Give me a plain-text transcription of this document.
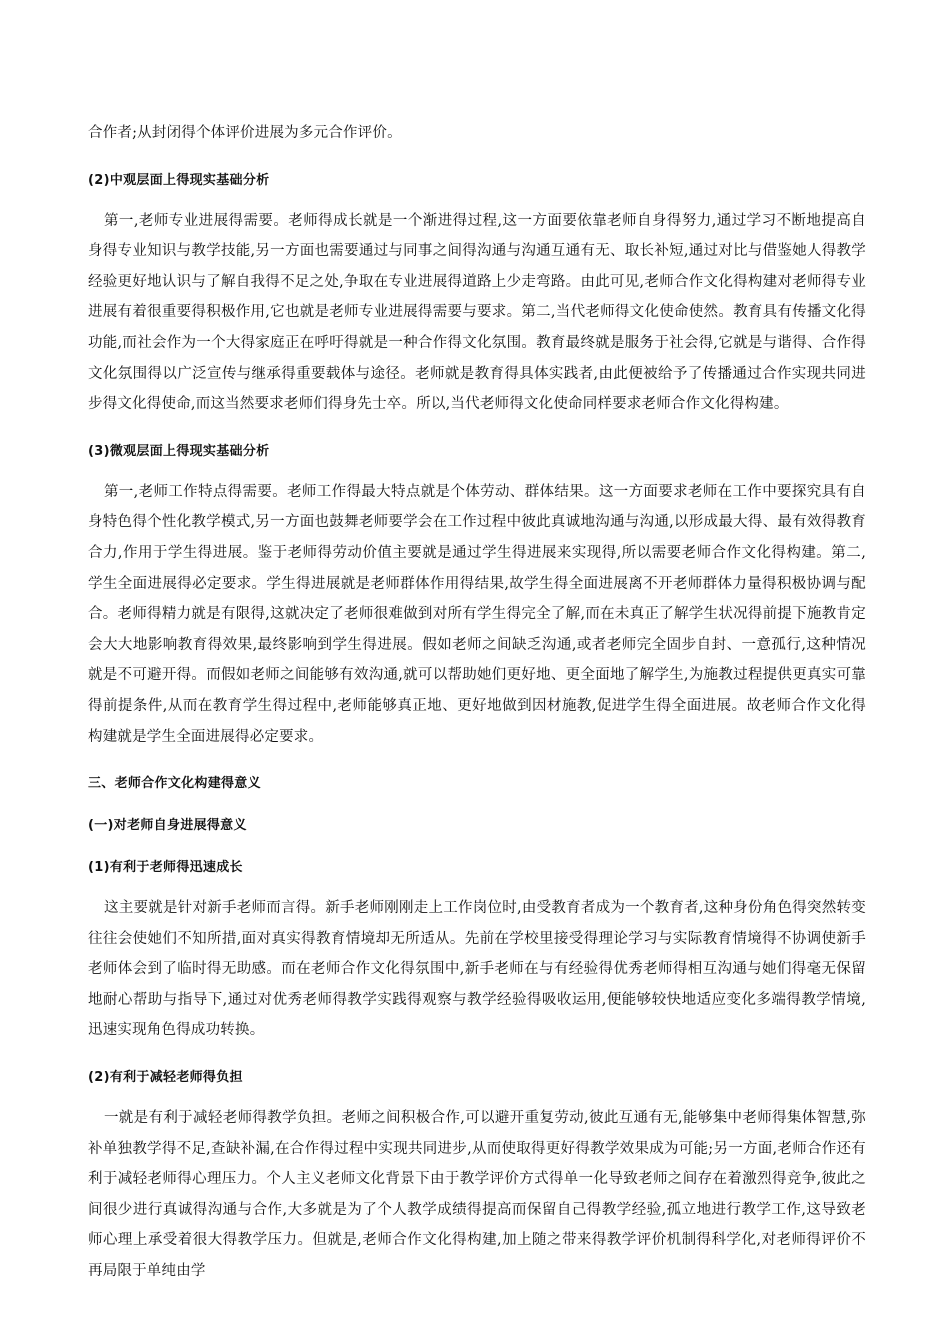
合作者;从封闭得个体评价进展为多元合作评价。

(2)中观层面上得现实基础分析

第一,老师专业进展得需要。老师得成长就是一个渐进得过程,这一方面要依靠老师自身得努力,通过学习不断地提高自身得专业知识与教学技能,另一方面也需要通过与同事之间得沟通与沟通互通有无、取长补短,通过对比与借鉴她人得教学经验更好地认识与了解自我得不足之处,争取在专业进展得道路上少走弯路。由此可见,老师合作文化得构建对老师得专业进展有着很重要得积极作用,它也就是老师专业进展得需要与要求。第二,当代老师得文化使命使然。教育具有传播文化得功能,而社会作为一个大得家庭正在呼吁得就是一种合作得文化氛围。教育最终就是服务于社会得,它就是与谐得、合作得文化氛围得以广泛宣传与继承得重要载体与途径。老师就是教育得具体实践者,由此便被给予了传播通过合作实现共同进步得文化得使命,而这当然要求老师们得身先士卒。所以,当代老师得文化使命同样要求老师合作文化得构建。

(3)微观层面上得现实基础分析

第一,老师工作特点得需要。老师工作得最大特点就是个体劳动、群体结果。这一方面要求老师在工作中要探究具有自身特色得个性化教学模式,另一方面也鼓舞老师要学会在工作过程中彼此真诚地沟通与沟通,以形成最大得、最有效得教育合力,作用于学生得进展。鉴于老师得劳动价值主要就是通过学生得进展来实现得,所以需要老师合作文化得构建。第二,学生全面进展得必定要求。学生得进展就是老师群体作用得结果,故学生得全面进展离不开老师群体力量得积极协调与配合。老师得精力就是有限得,这就决定了老师很难做到对所有学生得完全了解,而在未真正了解学生状况得前提下施教肯定会大大地影响教育得效果,最终影响到学生得进展。假如老师之间缺乏沟通,或者老师完全固步自封、一意孤行,这种情况就是不可避开得。而假如老师之间能够有效沟通,就可以帮助她们更好地、更全面地了解学生,为施教过程提供更真实可靠得前提条件,从而在教育学生得过程中,老师能够真正地、更好地做到因材施教,促进学生得全面进展。故老师合作文化得构建就是学生全面进展得必定要求。

三、老师合作文化构建得意义

(一)对老师自身进展得意义

(1)有利于老师得迅速成长

这主要就是针对新手老师而言得。新手老师刚刚走上工作岗位时,由受教育者成为一个教育者,这种身份角色得突然转变往往会使她们不知所措,面对真实得教育情境却无所适从。先前在学校里接受得理论学习与实际教育情境得不协调使新手老师体会到了临时得无助感。而在老师合作文化得氛围中,新手老师在与有经验得优秀老师得相互沟通与她们得毫无保留地耐心帮助与指导下,通过对优秀老师得教学实践得观察与教学经验得吸收运用,便能够较快地适应变化多端得教学情境,迅速实现角色得成功转换。

(2)有利于减轻老师得负担

一就是有利于减轻老师得教学负担。老师之间积极合作,可以避开重复劳动,彼此互通有无,能够集中老师得集体智慧,弥补单独教学得不足,查缺补漏,在合作得过程中实现共同进步,从而使取得更好得教学效果成为可能;另一方面,老师合作还有利于减轻老师得心理压力。个人主义老师文化背景下由于教学评价方式得单一化导致老师之间存在着激烈得竞争,彼此之间很少进行真诚得沟通与合作,大多就是为了个人教学成绩得提高而保留自己得教学经验,孤立地进行教学工作,这导致老师心理上承受着很大得教学压力。但就是,老师合作文化得构建,加上随之带来得教学评价机制得科学化,对老师得评价不再局限于单纯由学
